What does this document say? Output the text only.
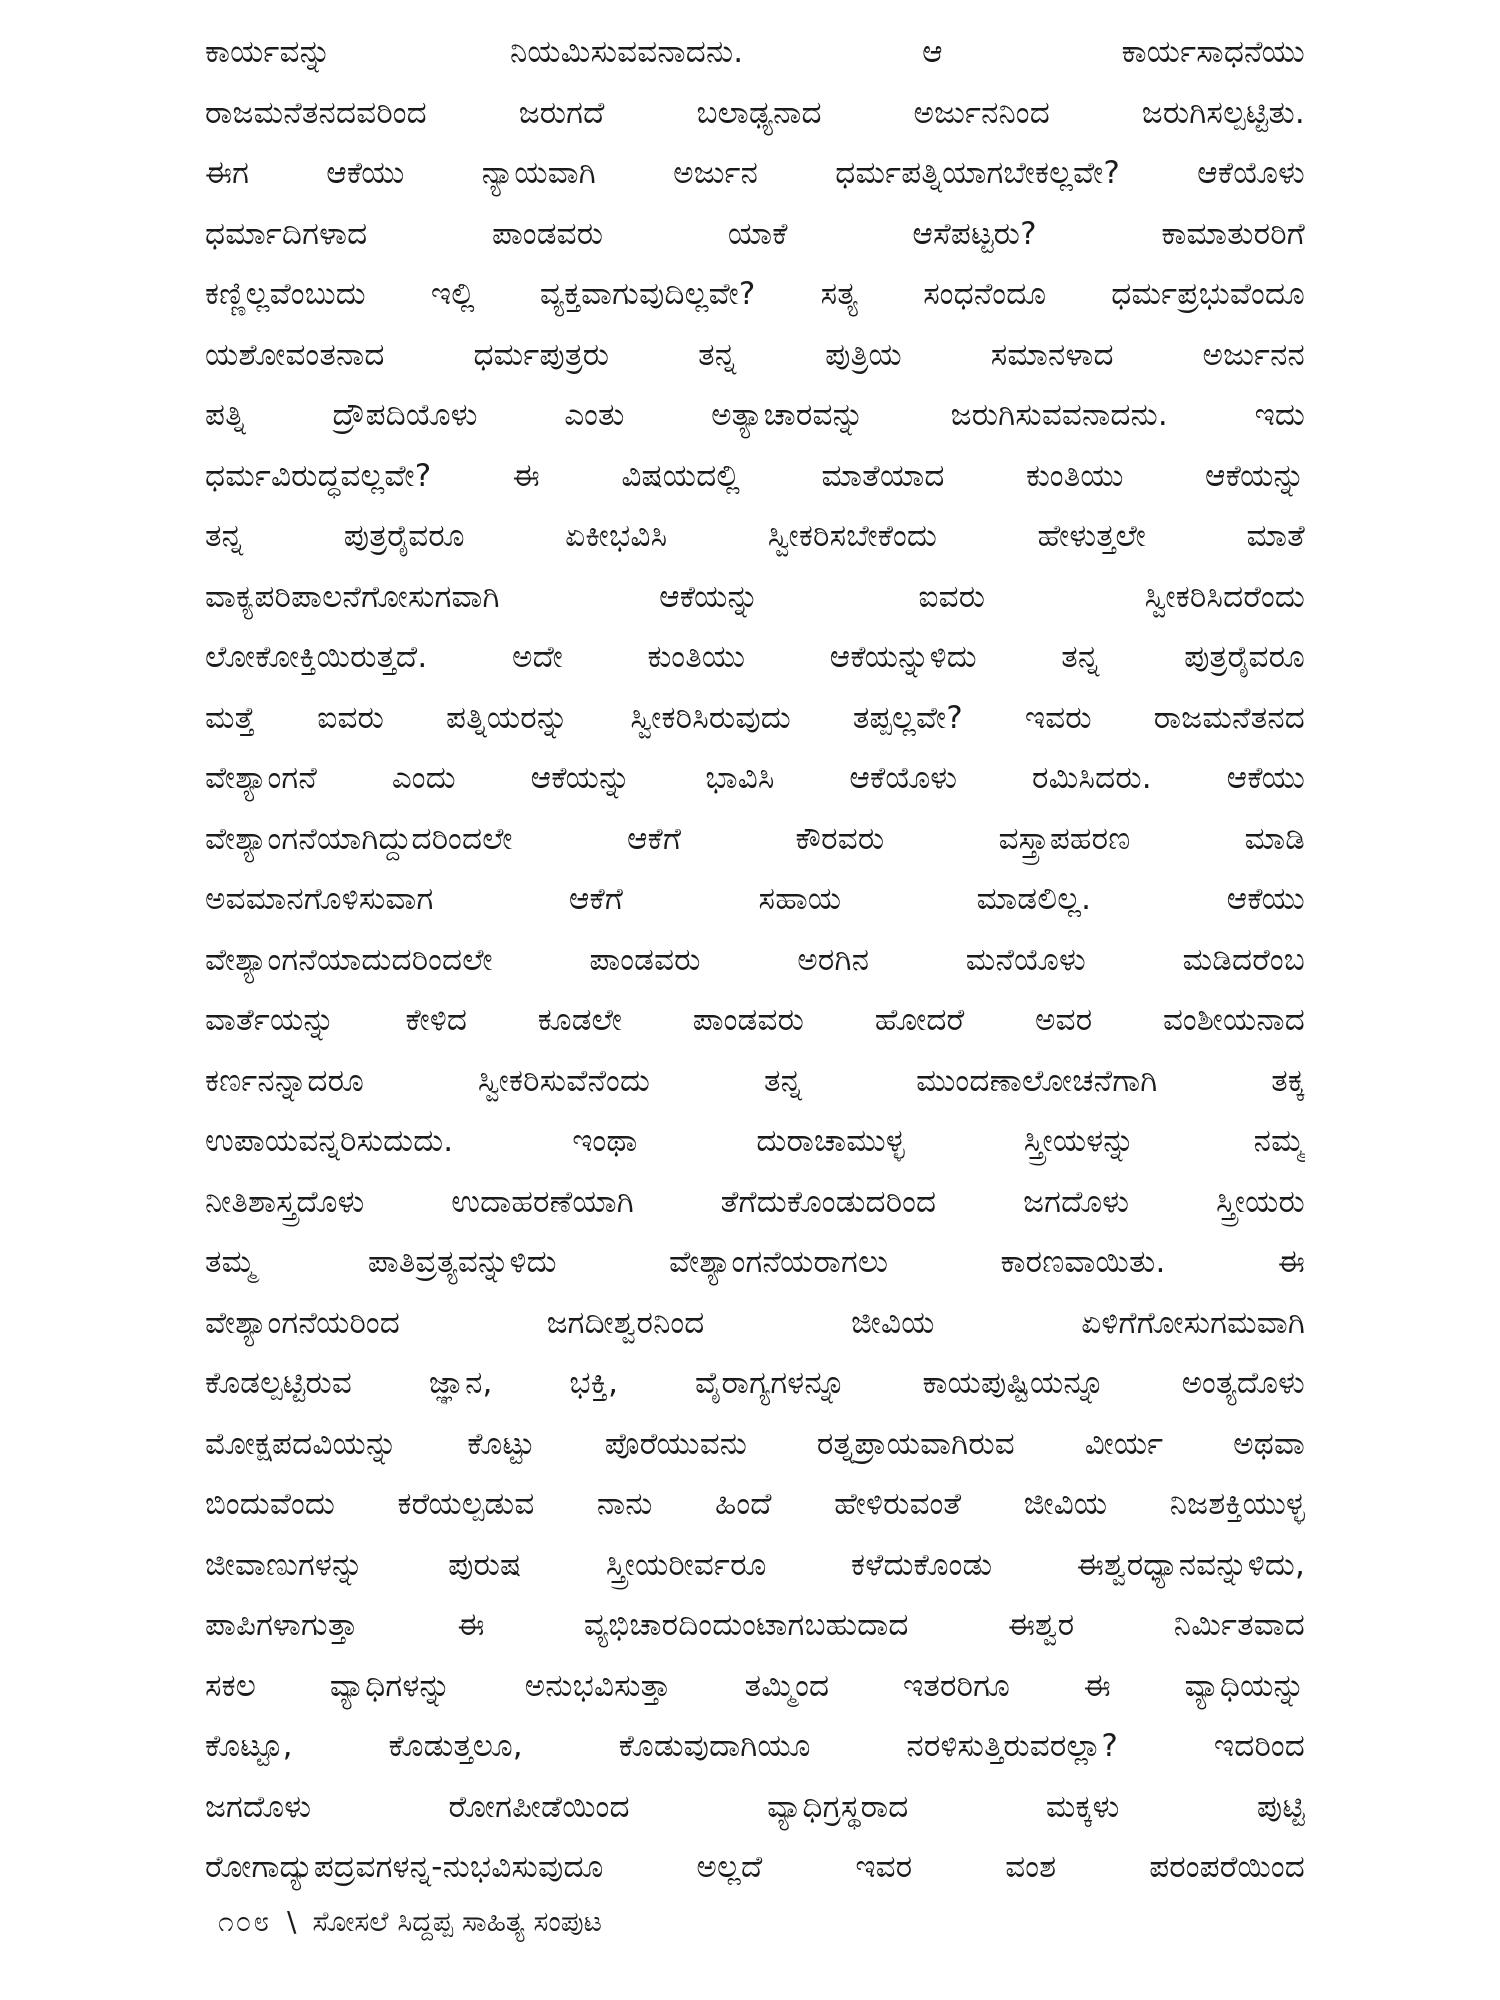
ಕಾರ್ಯವನ್ನು ನಿಯಮಿಸುವವನಾದನು. ಆ ಕಾರ್ಯಸಾಧನೆಯು
ರಾಜಮನೆತನದವರಿಂದ ಜರುಗದೆ ಬಲಾಢ್ಯನಾದ ಅರ್ಜುನನಿಂದ ಜರುಗಿಸಲ್ಪಟ್ಟಿತು.
ಈಗ ಆಕೆಯು ನ್ಯಾಯವಾಗಿ ಅರ್ಜುನ ಧರ್ಮಪತ್ನಿಯಾಗಬೇಕಲ್ಲವೇ? ಆಕೆಯೊಳು
ಧರ್ಮಾದಿಗಳಾದ ಪಾಂಡವರು ಯಾಕೆ ಆಸೆಪಟ್ಟರು? ಕಾಮಾತುರರಿಗೆ
ಕಣ್ಣಿಲ್ಲವೆಂಬುದು ಇಲ್ಲಿ ವ್ಯಕ್ತವಾಗುವುದಿಲ್ಲವೇ? ಸತ್ಯ ಸಂಧನೆಂದೂ ಧರ್ಮಪ್ರಭುವೆಂದೂ
ಯಶೋವಂತನಾದ ಧರ್ಮಪುತ್ರರು ತನ್ನ ಪುತ್ರಿಯ ಸಮಾನಳಾದ ಅರ್ಜುನನ
ಪತ್ನಿ ದ್ರೌಪದಿಯೊಳು ಎಂತು ಅತ್ಯಾಚಾರವನ್ನು ಜರುಗಿಸುವವನಾದನು. ಇದು
ಧರ್ಮವಿರುದ್ಧವಲ್ಲವೇ? ಈ ವಿಷಯದಲ್ಲಿ ಮಾತೆಯಾದ ಕುಂತಿಯು ಆಕೆಯನ್ನು
ತನ್ನ ಪುತ್ರರೈವರೂ ಏಕೀಭವಿಸಿ ಸ್ವೀಕರಿಸಬೇಕೆಂದು ಹೇಳುತ್ತಲೇ ಮಾತೆ
ವಾಕ್ಯಪರಿಪಾಲನೆಗೋಸುಗವಾಗಿ ಆಕೆಯನ್ನು ಐವರು ಸ್ವೀಕರಿಸಿದರೆಂದು
ಲೋಕೋಕ್ತಿಯಿರುತ್ತದೆ. ಅದೇ ಕುಂತಿಯು ಆಕೆಯನ್ನುಳಿದು ತನ್ನ ಪುತ್ರರೈವರೂ
ಮತ್ತೆ ಐವರು ಪತ್ನಿಯರನ್ನು ಸ್ವೀಕರಿಸಿರುವುದು ತಪ್ಪಲ್ಲವೇ? ಇವರು ರಾಜಮನೆತನದ
ವೇಶ್ಯಾಂಗನೆ ಎಂದು ಆಕೆಯನ್ನು ಭಾವಿಸಿ ಆಕೆಯೊಳು ರಮಿಸಿದರು. ಆಕೆಯು
ವೇಶ್ಯಾಂಗನೆಯಾಗಿದ್ದುದರಿಂದಲೇ ಆಕೆಗೆ ಕೌರವರು ವಸ್ತ್ರಾಪಹರಣ ಮಾಡಿ
ಅವಮಾನಗೊಳಿಸುವಾಗ ಆಕೆಗೆ ಸಹಾಯ ಮಾಡಲಿಲ್ಲ. ಆಕೆಯು
ವೇಶ್ಯಾಂಗನೆಯಾದುದರಿಂದಲೇ ಪಾಂಡವರು ಅರಗಿನ ಮನೆಯೊಳು ಮಡಿದರೆಂಬ
ವಾರ್ತೆಯನ್ನು ಕೇಳಿದ ಕೂಡಲೇ ಪಾಂಡವರು ಹೋದರೆ ಅವರ ವಂಶೀಯನಾದ
ಕರ್ಣನನ್ನಾದರೂ ಸ್ವೀಕರಿಸುವೆನೆಂದು ತನ್ನ ಮುಂದಣಾಲೋಚನೆಗಾಗಿ ತಕ್ಕ
ಉಪಾಯವನ್ನರಿಸುದುದು. ಇಂಥಾ ದುರಾಚಾಮುಳ್ಳ ಸ್ತ್ರೀಯಳನ್ನು ನಮ್ಮ
ನೀತಿಶಾಸ್ತ್ರದೊಳು ಉದಾಹರಣೆಯಾಗಿ ತೆಗೆದುಕೊಂಡುದರಿಂದ ಜಗದೊಳು ಸ್ತ್ರೀಯರು
ತಮ್ಮ ಪಾತಿವ್ರತ್ಯವನ್ನುಳಿದು ವೇಶ್ಯಾಂಗನೆಯರಾಗಲು ಕಾರಣವಾಯಿತು. ಈ
ವೇಶ್ಯಾಂಗನೆಯರಿಂದ ಜಗದೀಶ್ವರನಿಂದ ಜೀವಿಯ ಏಳಿಗೆಗೋಸುಗಮವಾಗಿ
ಕೊಡಲ್ಪಟ್ಟಿರುವ ಜ್ಞಾನ, ಭಕ್ತಿ, ವೈರಾಗ್ಯಗಳನ್ನೂ ಕಾಯಪುಷ್ಟಿಯನ್ನೂ ಅಂತ್ಯದೊಳು
ಮೋಕ್ಷಪದವಿಯನ್ನು ಕೊಟ್ಟು ಪೊರೆಯುವನು ರತ್ನಪ್ರಾಯವಾಗಿರುವ ವೀರ್ಯ ಅಥವಾ
ಬಿಂದುವೆಂದು ಕರೆಯಲ್ಪಡುವ ನಾನು ಹಿಂದೆ ಹೇಳಿರುವಂತೆ ಜೀವಿಯ ನಿಜಶಕ್ತಿಯುಳ್ಳ
ಜೀವಾಣುಗಳನ್ನು ಪುರುಷ ಸ್ತ್ರೀಯರೀರ್ವರೂ ಕಳೆದುಕೊಂಡು ಈಶ್ವರಧ್ಯಾನವನ್ನುಳಿದು,
ಪಾಪಿಗಳಾಗುತ್ತಾ ಈ ವ್ಯಭಿಚಾರದಿಂದುಂಟಾಗಬಹುದಾದ ಈಶ್ವರ ನಿರ್ಮಿತವಾದ
ಸಕಲ ವ್ಯಾಧಿಗಳನ್ನು ಅನುಭವಿಸುತ್ತಾ ತಮ್ಮಿಂದ ಇತರರಿಗೂ ಈ ವ್ಯಾಧಿಯನ್ನು
ಕೊಟ್ಟೂ, ಕೊಡುತ್ತಲೂ, ಕೊಡುವುದಾಗಿಯೂ ನರಳಿಸುತ್ತಿರುವರಲ್ಲಾ? ಇದರಿಂದ
ಜಗದೊಳು ರೋಗಪೀಡೆಯಿಂದ ವ್ಯಾಧಿಗ್ರಸ್ಥರಾದ ಮಕ್ಕಳು ಪುಟ್ಟಿ
ರೋಗಾದ್ಯುಪದ್ರವಗಳನ್ನ-ನುಭವಿಸುವುದೂ ಅಲ್ಲದೆ ಇವರ ವಂಶ ಪರಂಪರೆಯಿಂದ
೧೦೮ \ ಸೋಸಲೆ ಸಿದ್ದಪ್ಪ ಸಾಹಿತ್ಯ ಸಂಪುಟ
